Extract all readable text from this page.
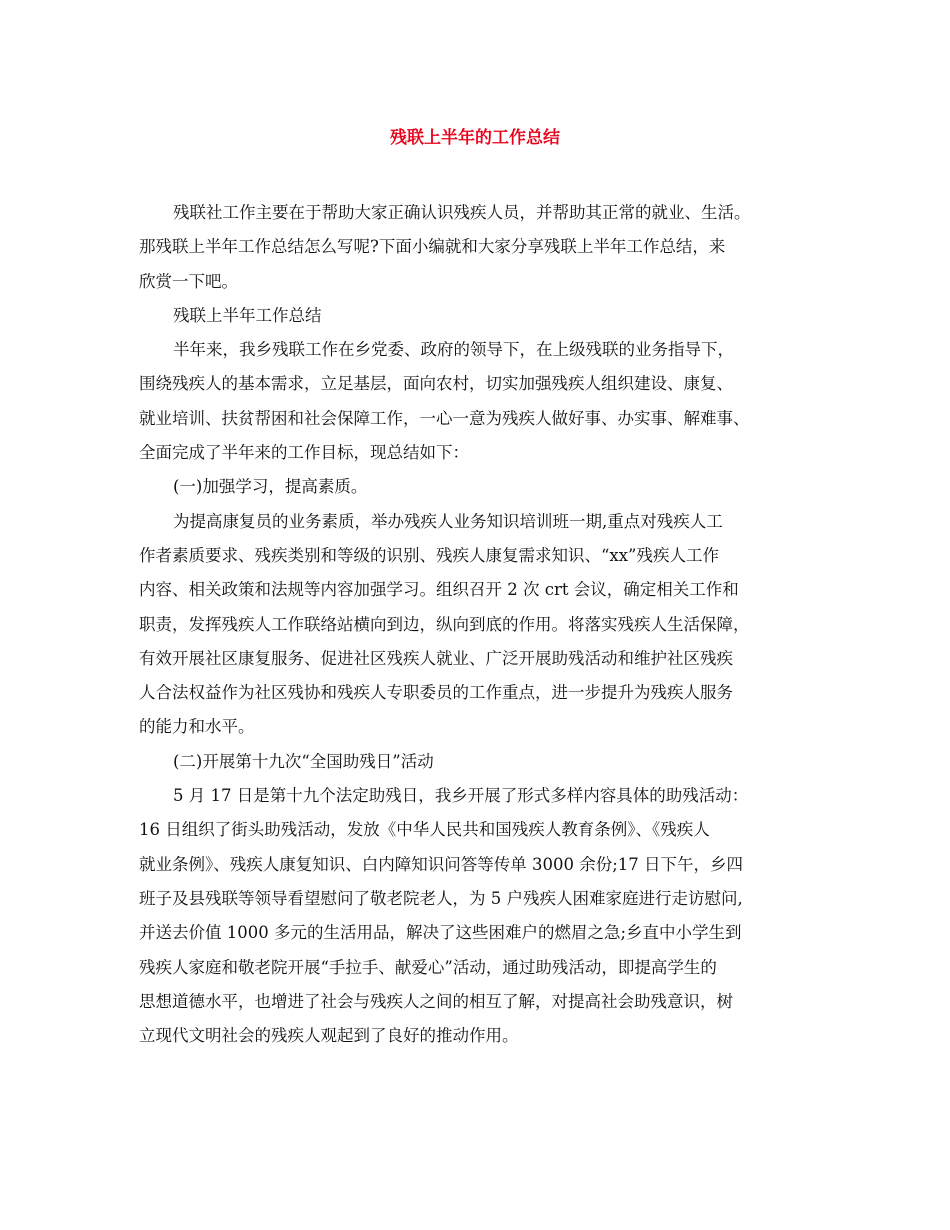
残联上半年的工作总结
残联社工作主要在于帮助大家正确认识残疾人员，并帮助其正常的就业、生活。
那残联上半年工作总结怎么写呢?下面小编就和大家分享残联上半年工作总结，来
欣赏一下吧。
残联上半年工作总结
半年来，我乡残联工作在乡党委、政府的领导下，在上级残联的业务指导下，
围绕残疾人的基本需求，立足基层，面向农村，切实加强残疾人组织建设、康复、
就业培训、扶贫帮困和社会保障工作，一心一意为残疾人做好事、办实事、解难事、
全面完成了半年来的工作目标，现总结如下：
(一)加强学习，提高素质。
为提高康复员的业务素质，举办残疾人业务知识培训班一期,重点对残疾人工
作者素质要求、残疾类别和等级的识别、残疾人康复需求知识、“xx”残疾人工作
内容、相关政策和法规等内容加强学习。组织召开 2 次 crt 会议，确定相关工作和
职责，发挥残疾人工作联络站横向到边，纵向到底的作用。将落实残疾人生活保障，
有效开展社区康复服务、促进社区残疾人就业、广泛开展助残活动和维护社区残疾
人合法权益作为社区残协和残疾人专职委员的工作重点，进一步提升为残疾人服务
的能力和水平。
(二)开展第十九次“全国助残日”活动
5 月 17 日是第十九个法定助残日，我乡开展了形式多样内容具体的助残活动：
16 日组织了街头助残活动，发放《中华人民共和国残疾人教育条例》、《残疾人
就业条例》、残疾人康复知识、白内障知识问答等传单 3000 余份;17 日下午，乡四
班子及县残联等领导看望慰问了敬老院老人，为 5 户残疾人困难家庭进行走访慰问,
并送去价值 1000 多元的生活用品，解决了这些困难户的燃眉之急;乡直中小学生到
残疾人家庭和敬老院开展“手拉手、献爱心”活动，通过助残活动，即提高学生的
思想道德水平，也增进了社会与残疾人之间的相互了解，对提高社会助残意识，树
立现代文明社会的残疾人观起到了良好的推动作用。
